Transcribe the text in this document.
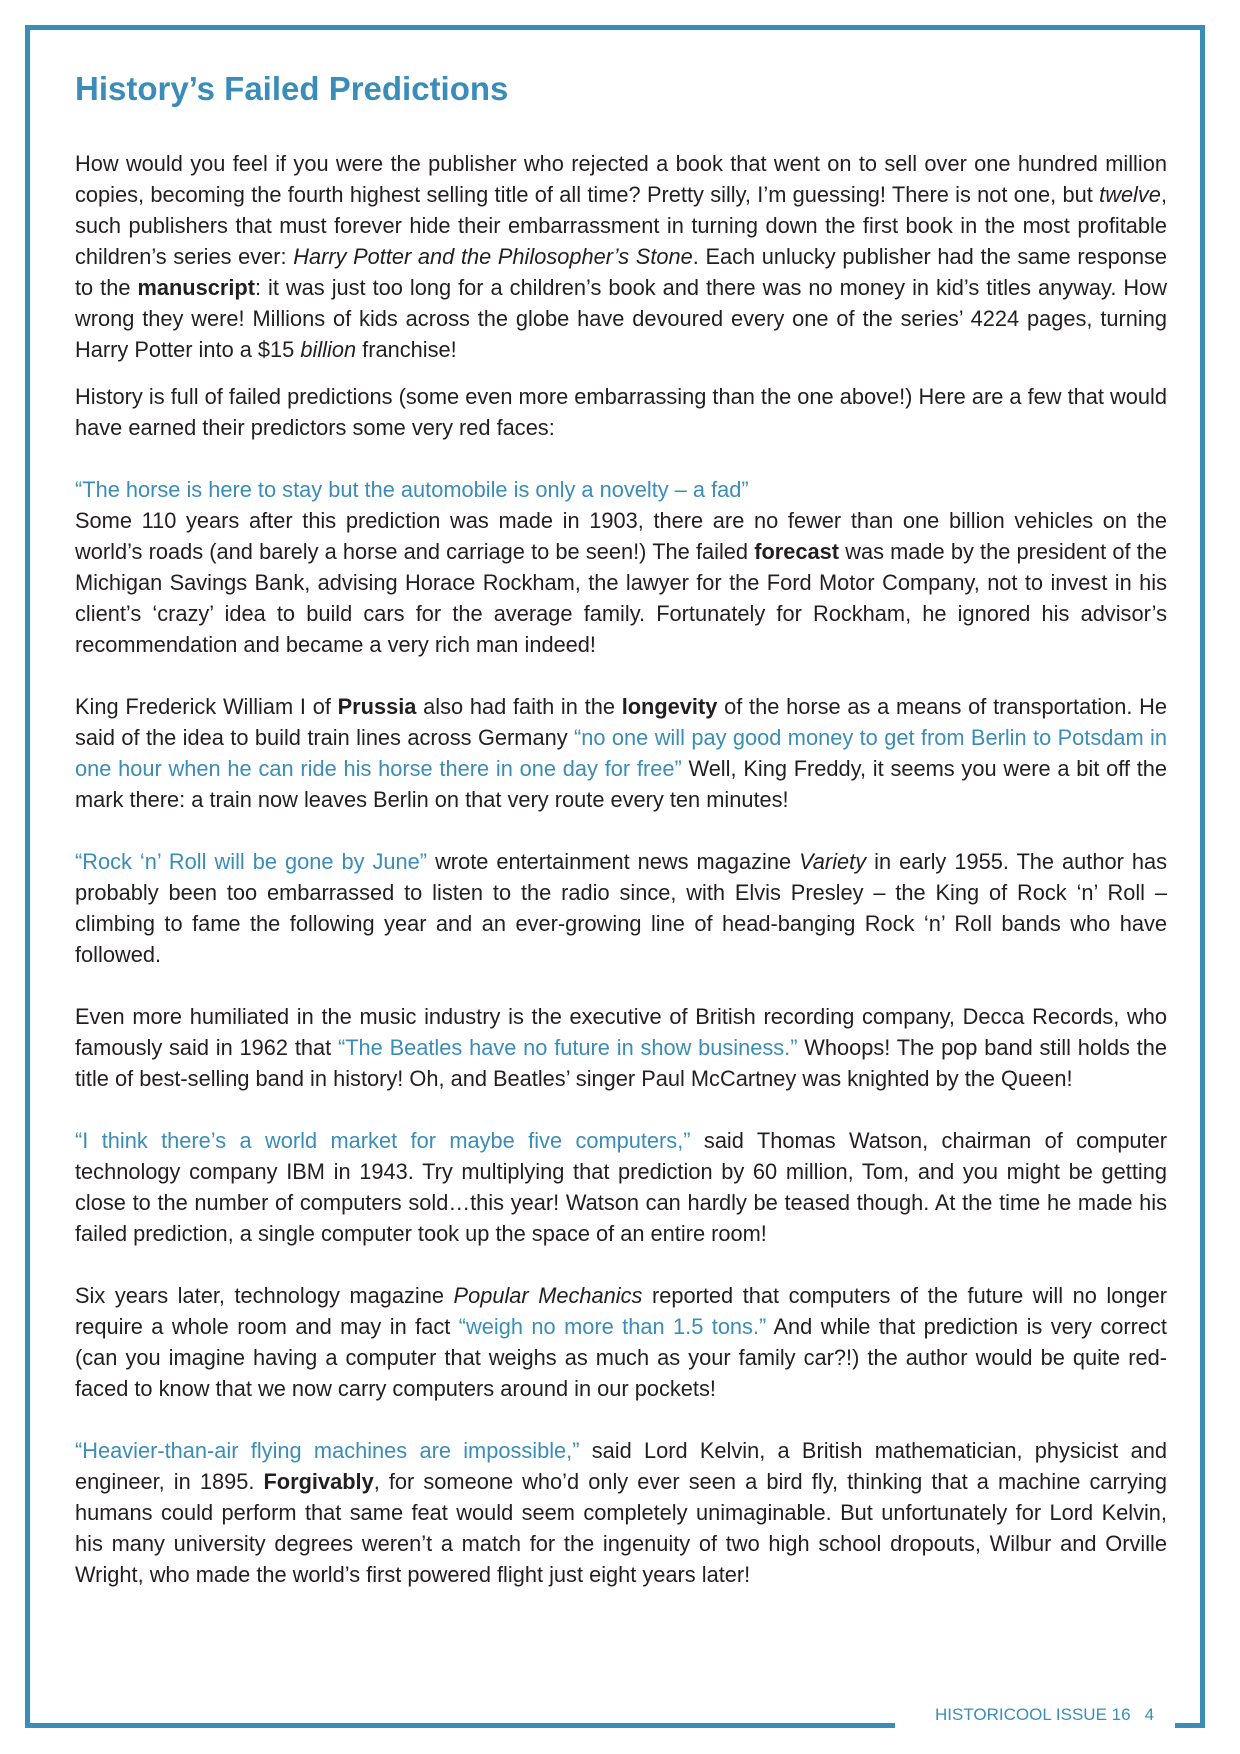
History’s Failed Predictions

How would you feel if you were the publisher who rejected a book that went on to sell over one hundred million copies, becoming the fourth highest selling title of all time? Pretty silly, I’m guessing! There is not one, but twelve, such publishers that must forever hide their embarrassment in turning down the first book in the most profitable children’s series ever: Harry Potter and the Philosopher’s Stone. Each unlucky publisher had the same response to the manuscript: it was just too long for a children’s book and there was no money in kid’s titles anyway. How wrong they were! Millions of kids across the globe have devoured every one of the series’ 4224 pages, turning Harry Potter into a $15 billion franchise!

History is full of failed predictions (some even more embarrassing than the one above!) Here are a few that would have earned their predictors some very red faces:

“The horse is here to stay but the automobile is only a novelty – a fad”
Some 110 years after this prediction was made in 1903, there are no fewer than one billion vehicles on the world’s roads (and barely a horse and carriage to be seen!) The failed forecast was made by the president of the Michigan Savings Bank, advising Horace Rockham, the lawyer for the Ford Motor Company, not to invest in his client’s ‘crazy’ idea to build cars for the average family. Fortunately for Rockham, he ignored his advisor’s recommendation and became a very rich man indeed!

King Frederick William I of Prussia also had faith in the longevity of the horse as a means of transportation. He said of the idea to build train lines across Germany “no one will pay good money to get from Berlin to Potsdam in one hour when he can ride his horse there in one day for free” Well, King Freddy, it seems you were a bit off the mark there: a train now leaves Berlin on that very route every ten minutes!

“Rock ‘n’ Roll will be gone by June” wrote entertainment news magazine Variety in early 1955. The author has probably been too embarrassed to listen to the radio since, with Elvis Presley – the King of Rock ‘n’ Roll – climbing to fame the following year and an ever-growing line of head-banging Rock ‘n’ Roll bands who have followed.

Even more humiliated in the music industry is the executive of British recording company, Decca Records, who famously said in 1962 that “The Beatles have no future in show business.” Whoops! The pop band still holds the title of best-selling band in history! Oh, and Beatles’ singer Paul McCartney was knighted by the Queen!

“I think there’s a world market for maybe five computers,” said Thomas Watson, chairman of computer technology company IBM in 1943. Try multiplying that prediction by 60 million, Tom, and you might be getting close to the number of computers sold…this year! Watson can hardly be teased though. At the time he made his failed prediction, a single computer took up the space of an entire room!

Six years later, technology magazine Popular Mechanics reported that computers of the future will no longer require a whole room and may in fact “weigh no more than 1.5 tons.” And while that prediction is very correct (can you imagine having a computer that weighs as much as your family car?!) the author would be quite red-faced to know that we now carry computers around in our pockets!

“Heavier-than-air flying machines are impossible,” said Lord Kelvin, a British mathematician, physicist and engineer, in 1895. Forgivably, for someone who’d only ever seen a bird fly, thinking that a machine carrying humans could perform that same feat would seem completely unimaginable. But unfortunately for Lord Kelvin, his many university degrees weren’t a match for the ingenuity of two high school dropouts, Wilbur and Orville Wright, who made the world’s first powered flight just eight years later!

HISTORICOOL ISSUE 16 4
